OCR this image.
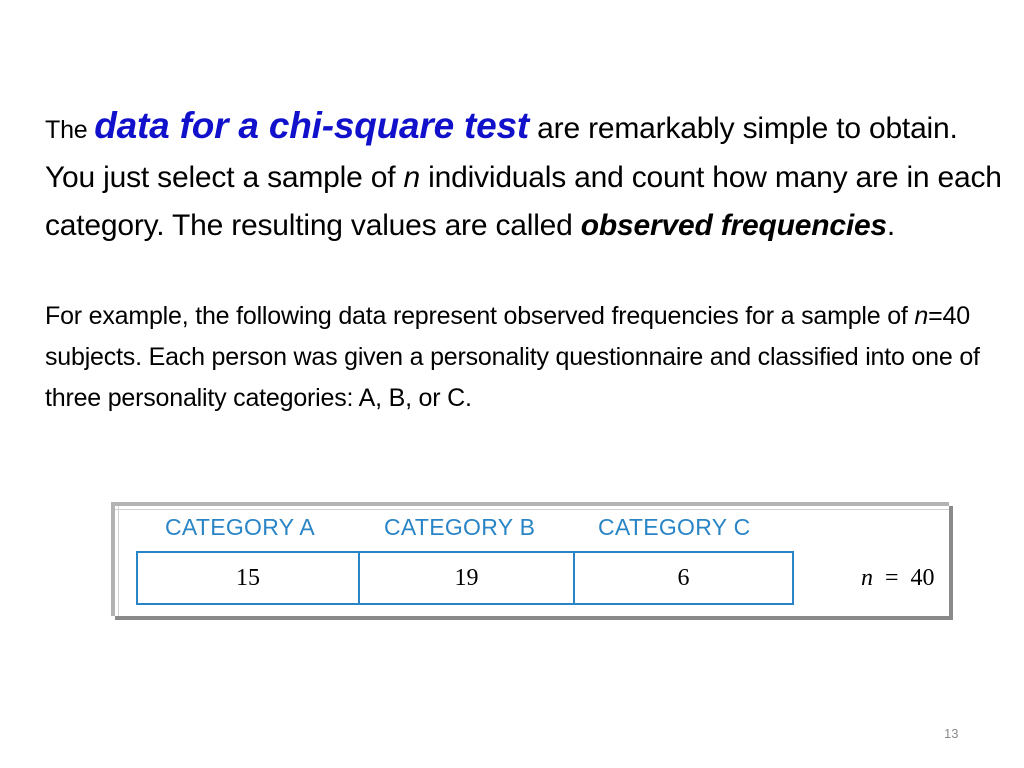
The data for a chi-square test are remarkably simple to obtain. You just select a sample of n individuals and count how many are in each category. The resulting values are called observed frequencies.
For example, the following data represent observed frequencies for a sample of n=40 subjects. Each person was given a personality questionnaire and classified into one of three personality categories: A, B, or C.
CATEGORY A	CATEGORY B	CATEGORY C
15	19	6	n  =  40
13
